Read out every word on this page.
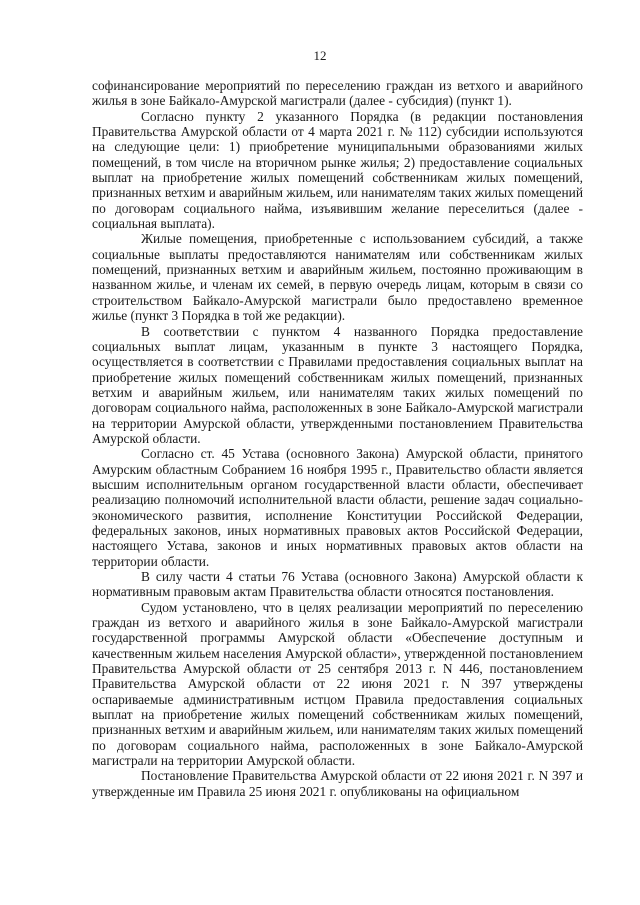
12

софинансирование мероприятий по переселению граждан из ветхого и аварийного жилья в зоне Байкало-Амурской магистрали (далее - субсидия) (пункт 1).

Согласно пункту 2 указанного Порядка (в редакции постановления Правительства Амурской области от 4 марта 2021 г. № 112) субсидии используются на следующие цели: 1) приобретение муниципальными образованиями жилых помещений, в том числе на вторичном рынке жилья; 2) предоставление социальных выплат на приобретение жилых помещений собственникам жилых помещений, признанных ветхим и аварийным жильем, или нанимателям таких жилых помещений по договорам социального найма, изъявившим желание переселиться (далее - социальная выплата).

Жилые помещения, приобретенные с использованием субсидий, а также социальные выплаты предоставляются нанимателям или собственникам жилых помещений, признанных ветхим и аварийным жильем, постоянно проживающим в названном жилье, и членам их семей, в первую очередь лицам, которым в связи со строительством Байкало-Амурской магистрали было предоставлено временное жилье (пункт 3 Порядка в той же редакции).

В соответствии с пунктом 4 названного Порядка предоставление социальных выплат лицам, указанным в пункте 3 настоящего Порядка, осуществляется в соответствии с Правилами предоставления социальных выплат на приобретение жилых помещений собственникам жилых помещений, признанных ветхим и аварийным жильем, или нанимателям таких жилых помещений по договорам социального найма, расположенных в зоне Байкало-Амурской магистрали на территории Амурской области, утвержденными постановлением Правительства Амурской области.

Согласно ст. 45 Устава (основного Закона) Амурской области, принятого Амурским областным Собранием 16 ноября 1995 г., Правительство области является высшим исполнительным органом государственной власти области, обеспечивает реализацию полномочий исполнительной власти области, решение задач социально-экономического развития, исполнение Конституции Российской Федерации, федеральных законов, иных нормативных правовых актов Российской Федерации, настоящего Устава, законов и иных нормативных правовых актов области на территории области.

В силу части 4 статьи 76 Устава (основного Закона) Амурской области к нормативным правовым актам Правительства области относятся постановления.

Судом установлено, что в целях реализации мероприятий по переселению граждан из ветхого и аварийного жилья в зоне Байкало-Амурской магистрали государственной программы Амурской области «Обеспечение доступным и качественным жильем населения Амурской области», утвержденной постановлением Правительства Амурской области от 25 сентября 2013 г. N 446, постановлением Правительства Амурской области от 22 июня 2021 г. N 397 утверждены оспариваемые административным истцом Правила предоставления социальных выплат на приобретение жилых помещений собственникам жилых помещений, признанных ветхим и аварийным жильем, или нанимателям таких жилых помещений по договорам социального найма, расположенных в зоне Байкало-Амурской магистрали на территории Амурской области.

Постановление Правительства Амурской области от 22 июня 2021 г. N 397 и утвержденные им Правила 25 июня 2021 г. опубликованы на официальном
